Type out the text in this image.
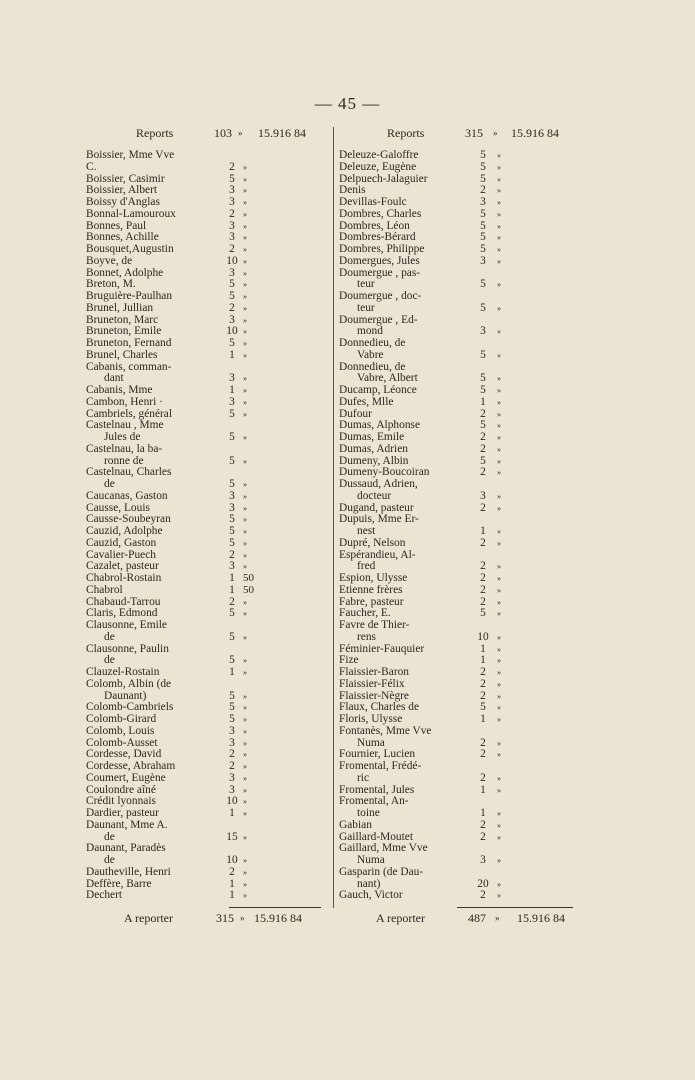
— 45 —
Reports	103 » 15.916 84
Boissier, Mme Vve
C.	2	»
Boissier, Casimir	5	»
Boissier, Albert	3	»
Boissy d'Anglas	3	»
Bonnal-Lamouroux	2	»
Bonnes, Paul	3	»
Bonnes, Achille	3	»
Bousquet,Augustin	2	»
Boyve, de	10 »
Bonnet, Adolphe	3	»
Breton, M.	5	»
Bruguière-Paulhan	5	»
Brunel, Jullian	2	»
Bruneton, Marc	3	»
Bruneton, Emile	10 »
Bruneton, Fernand	5	»
Brunel, Charles	1	»
Cabanis, comman-
dant	3	»
Cabanis, Mme	1	»
Cambon, Henri ·	3	»
Cambriels, général	5	»
Castelnau , Mme
Jules de	5	»
Castelnau, la ba-
ronne de	5	»
Castelnau, Charles
de	5	»
Caucanas, Gaston	3	»
Causse, Louis	3	»
Causse-Soubeyran	5	»
Cauzid, Adolphe	5	»
Cauzid, Gaston	5	»
Cavalier-Puech	2	»
Cazalet, pasteur	3	»
Chabrol-Rostain	1 50
Chabrol	1 50
Chabaud-Tarrou	2	»
Claris, Edmond	5	»
Clausonne, Emile
de	5	»
Clausonne, Paulin
de	5	»
Clauzel-Rostain	1	»
Colomb, Albin (de
Daunant)	5	»
Colomb-Cambriels	5	»
Colomb-Girard	5	»
Colomb, Louis	3	»
Colomb-Ausset	3	»
Cordesse, David	2	»
Cordesse, Abraham	2	»
Coumert, Eugène	3	»
Coulondre aîné	3	»
Crédit lyonnais	10 »
Dardier, pasteur	1	»
Daunant, Mme A.
de	15 »
Daunant, Paradès
de	10 »
Dautheville, Henri	2	»
Deffère, Barre	1	»
Dechert	1	»
Reports	315 » 15.916 84
Deleuze-Galoffre	5	»
Deleuze, Eugène	5	»
Delpuech-Jalaguier	5	»
Denis	2	»
Devillas-Foulc	3	»
Dombres, Charles	5	»
Dombres, Léon	5	»
Dombres-Bérard	5	»
Dombres, Philippe	5	»
Domergues, Jules	3	»
Doumergue , pas-
teur	5	»
Doumergue , doc-
teur	5	»
Doumergue , Ed-
mond	3	»
Donnedieu, de
Vabre	5	»
Donnedieu, de
Vabre, Albert	5	»
Ducamp, Léonce	5	»
Dufes, Mlle	1	»
Dufour	2	»
Dumas, Alphonse	5	»
Dumas, Emile	2	»
Dumas, Adrien	2	»
Dumeny, Albin	5	»
Dumeny-Boucoiran	2	»
Dussaud, Adrien,
docteur	3	»
Dugand, pasteur	2	»
Dupuis, Mme Er-
nest	1	»
Dupré, Nelson	2	»
Espérandieu, Al-
fred	2	»
Espion, Ulysse	2	»
Etienne frères	2	»
Fabre, pasteur	2	»
Faucher, E.	5	»
Favre de Thier-
rens	10 »
Féminier-Fauquier	1	»
Fize	1	»
Flaissier-Baron	2	»
Flaissier-Félix	2	»
Flaissier-Nègre	2	»
Flaux, Charles de	5	»
Floris, Ulysse	1	»
Fontanès, Mme Vve
Numa	2	»
Fournier, Lucien	2	»
Fromental, Frédé-
ric	2	»
Fromental, Jules	1	»
Fromental, An-
toine	1	»
Gabian	2	»
Gaillard-Moutet	2	»
Gaillard, Mme Vve
Numa	3	»
Gasparin (de Dau-
nant)	20 »
Gauch, Victor	2	»
A reporter	315 » 15.916 84	A reporter	487 » 15.916 84
